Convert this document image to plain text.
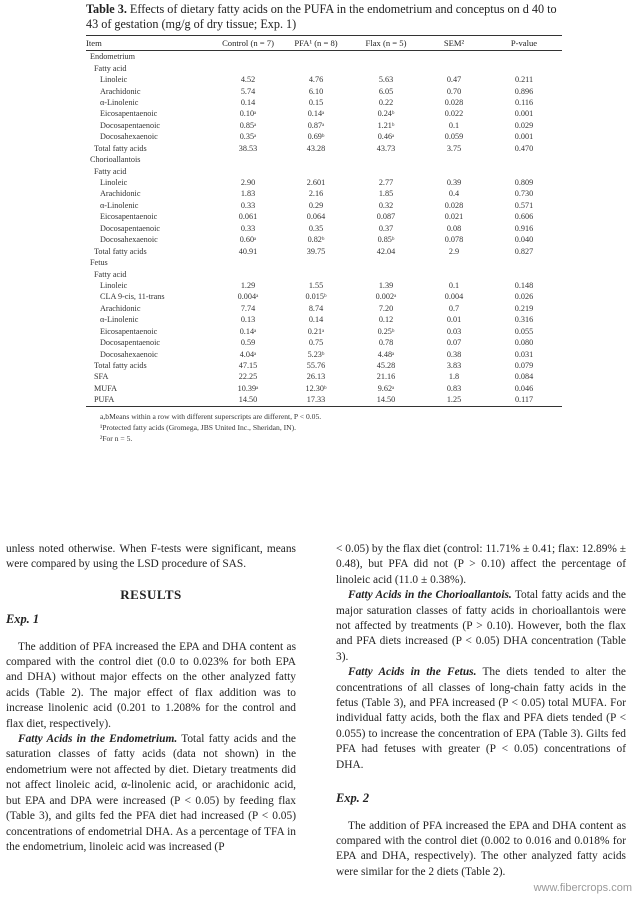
Table 3. Effects of dietary fatty acids on the PUFA in the endometrium and conceptus on d 40 to 43 of gestation (mg/g of dry tissue; Exp. 1)

Item	Control (n = 7)	PFA¹ (n = 8)	Flax (n = 5)	SEM²	P-value
Endometrium					
Fatty acid					
Linoleic	4.52	4.76	5.63	0.47	0.211
Arachidonic	5.74	6.10	6.05	0.70	0.896
α-Linolenic	0.14	0.15	0.22	0.028	0.116
Eicosapentaenoic	0.10ᵃ	0.14ᵃ	0.24ᵇ	0.022	0.001
Docosapentaenoic	0.85ᵃ	0.87ᵃ	1.21ᵇ	0.1	0.029
Docosahexaenoic	0.35ᵃ	0.69ᵇ	0.46ᵃ	0.059	0.001
Total fatty acids	38.53	43.28	43.73	3.75	0.470
Chorioallantois					
Fatty acid					
Linoleic	2.90	2.601	2.77	0.39	0.809
Arachidonic	1.83	2.16	1.85	0.4	0.730
α-Linolenic	0.33	0.29	0.32	0.028	0.571
Eicosapentaenoic	0.061	0.064	0.087	0.021	0.606
Docosapentaenoic	0.33	0.35	0.37	0.08	0.916
Docosahexaenoic	0.60ᵃ	0.82ᵇ	0.85ᵇ	0.078	0.040
Total fatty acids	40.91	39.75	42.04	2.9	0.827
Fetus					
Fatty acid					
Linoleic	1.29	1.55	1.39	0.1	0.148
CLA 9-cis, 11-trans	0.004ᵃ	0.015ᵇ	0.002ᵃ	0.004	0.026
Arachidonic	7.74	8.74	7.20	0.7	0.219
α-Linolenic	0.13	0.14	0.12	0.01	0.316
Eicosapentaenoic	0.14ᵃ	0.21ᵃ	0.25ᵇ	0.03	0.055
Docosapentaenoic	0.59	0.75	0.78	0.07	0.080
Docosahexaenoic	4.04ᵃ	5.23ᵇ	4.48ᵃ	0.38	0.031
Total fatty acids	47.15	55.76	45.28	3.83	0.079
SFA	22.25	26.13	21.16	1.8	0.084
MUFA	10.39ᵃ	12.30ᵇ	9.62ᵃ	0.83	0.046
PUFA	14.50	17.33	14.50	1.25	0.117
a,bMeans within a row with different superscripts are different, P < 0.05.
¹Protected fatty acids (Gromega, JBS United Inc., Sheridan, IN).
²For n = 5.

unless noted otherwise. When F-tests were significant, means were compared by using the LSD procedure of SAS.

RESULTS
Exp. 1

The addition of PFA increased the EPA and DHA content as compared with the control diet (0.0 to 0.023% for both EPA and DHA) without major effects on the other analyzed fatty acids (Table 2). The major effect of flax addition was to increase linolenic acid (0.201 to 1.208% for the control and flax diet, respectively).

Fatty Acids in the Endometrium. Total fatty acids and the saturation classes of fatty acids (data not shown) in the endometrium were not affected by diet. Dietary treatments did not affect linoleic acid, α-linolenic acid, or arachidonic acid, but EPA and DPA were increased (P < 0.05) by feeding flax (Table 3), and gilts fed the PFA diet had increased (P < 0.05) concentrations of endometrial DHA. As a percentage of TFA in the endometrium, linoleic acid was increased (P

< 0.05) by the flax diet (control: 11.71% ± 0.41; flax: 12.89% ± 0.48), but PFA did not (P > 0.10) affect the percentage of linoleic acid (11.0 ± 0.38%).

Fatty Acids in the Chorioallantois. Total fatty acids and the major saturation classes of fatty acids in chorioallantois were not affected by treatments (P > 0.10). However, both the flax and PFA diets increased (P < 0.05) DHA concentration (Table 3).

Fatty Acids in the Fetus. The diets tended to alter the concentrations of all classes of long-chain fatty acids in the fetus (Table 3), and PFA increased (P < 0.05) total MUFA. For individual fatty acids, both the flax and PFA diets tended (P < 0.055) to increase the concentration of EPA (Table 3). Gilts fed PFA had fetuses with greater (P < 0.05) concentrations of DHA.

Exp. 2

The addition of PFA increased the EPA and DHA content as compared with the control diet (0.002 to 0.016 and 0.018% for EPA and DHA, respectively). The other analyzed fatty acids were similar for the 2 diets (Table 2).

www.fibercrops.com
